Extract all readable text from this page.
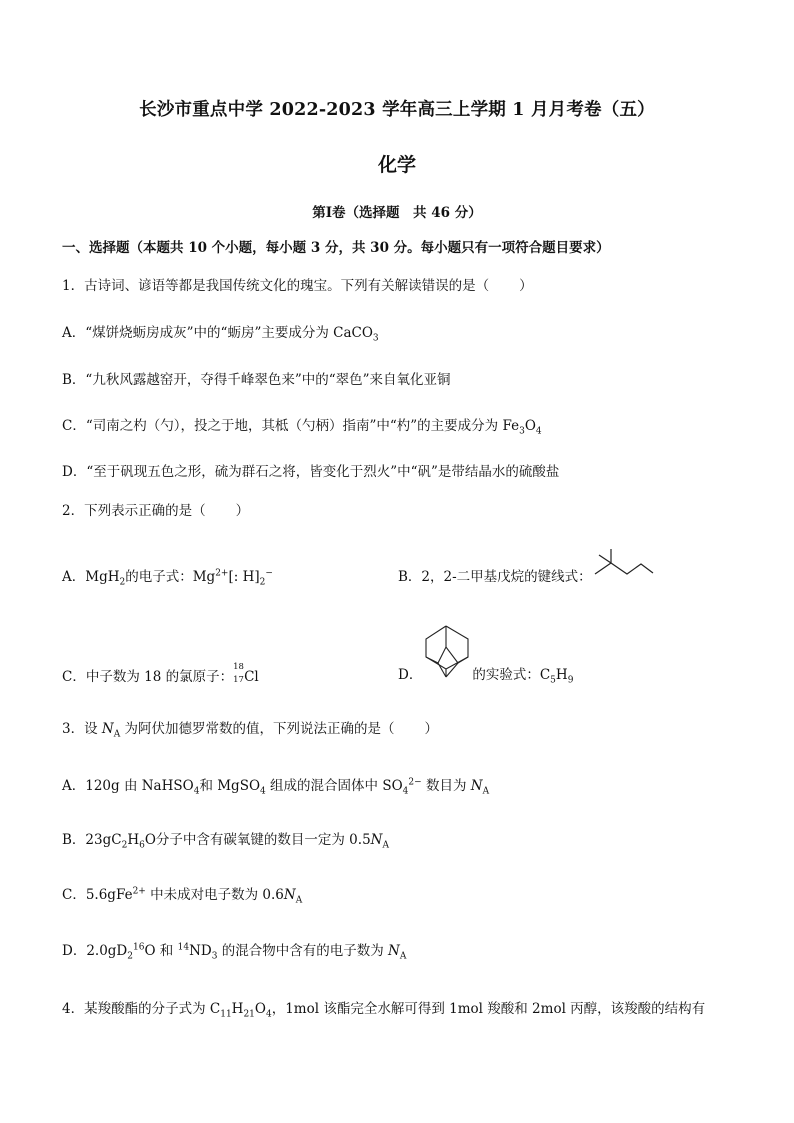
长沙市重点中学 2022-2023 学年高三上学期 1 月月考卷（五）
化学
第Ⅰ卷（选择题　共 46 分）
一、选择题（本题共 10 个小题，每小题 3 分，共 30 分。每小题只有一项符合题目要求）
1．古诗词、谚语等都是我国传统文化的瑰宝。下列有关解读错误的是（ ）
A．“煤饼烧蛎房成灰”中的“蛎房”主要成分为 CaCO$_3$
B．“九秋风露越窑开，夺得千峰翠色来”中的“翠色”来自氧化亚铜
C．“司南之杓（勺），投之于地，其柢（勺柄）指南”中“杓”的主要成分为 $Fe_3O_4$
D．“至于矾现五色之形，硫为群石之将，皆变化于烈火”中“矾”是带结晶水的硫酸盐
2．下列表示正确的是（ ）
A．MgH$_2$的电子式：$Mg^{2+}$[: $H]_2^-$	B．2，2-二甲基戊烷的键线式：
C．中子数为 18 的氯原子：
18
17 Cl	D．	的实验式：$C_5H_9$
3．设 $N_A$ 为阿伏加德罗常数的值，下列说法正确的是（ ）
A．120g 由 NaHSO$_4$和 MgSO$_4$ 组成的混合固体中 $SO_4^{2-}$ 数目为 $N_A$
B．$23gC_2H_6O$分子中含有碳氧键的数目一定为 $0.5N_A$
C．5.6gFe$^{2+}$ 中未成对电子数为 $0.6N_A$
D．$2.0gD_2^{16}O$ 和 $^{14}ND_3$ 的混合物中含有的电子数为 $N_A$
4．某羧酸酯的分子式为 $C_{11}H_{21}O_4$，1mol 该酯完全水解可得到 1mol 羧酸和 2mol 丙醇，该羧酸的结构有
